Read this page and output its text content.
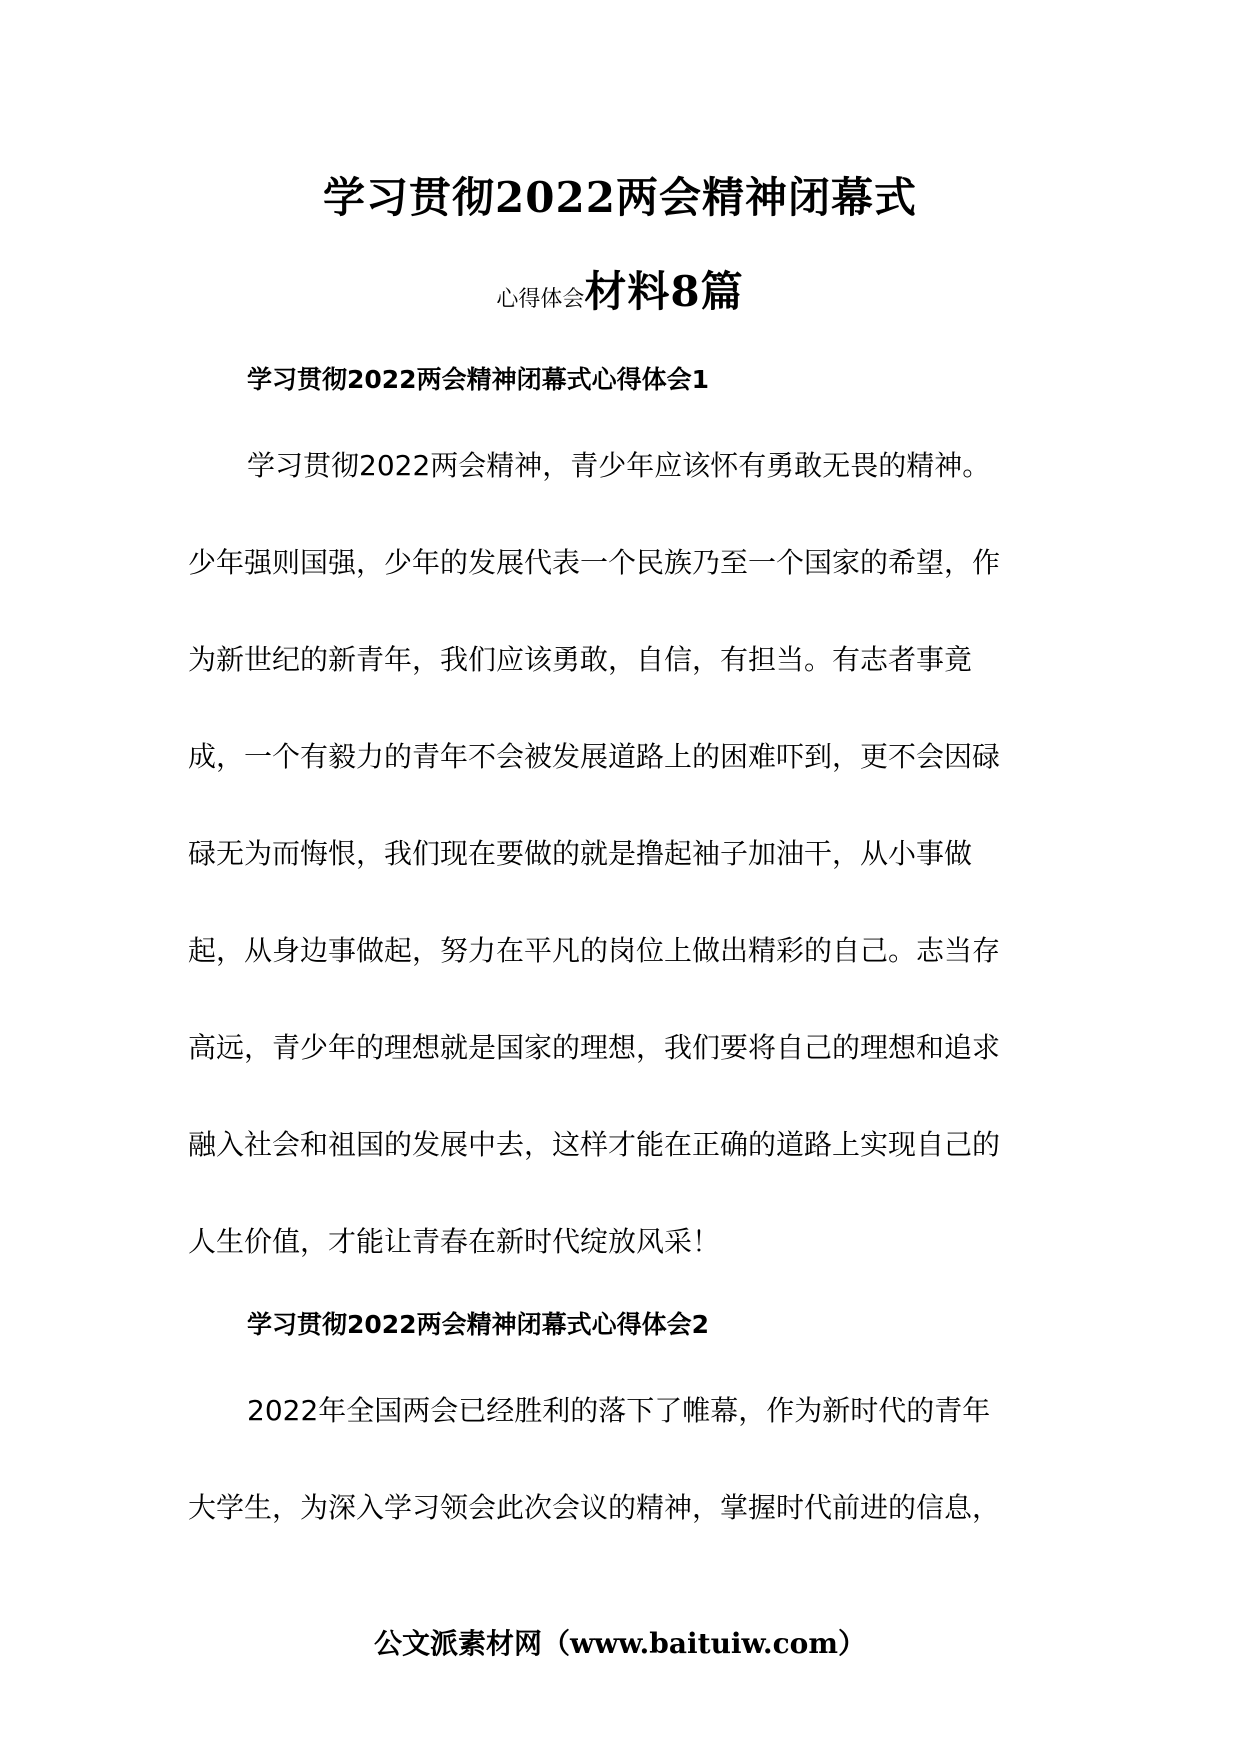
学习贯彻2022两会精神闭幕式
心得体会材料8篇
学习贯彻2022两会精神闭幕式心得体会1
学习贯彻2022两会精神，青少年应该怀有勇敢无畏的精神。
少年强则国强，少年的发展代表一个民族乃至一个国家的希望，作
为新世纪的新青年，我们应该勇敢，自信，有担当。有志者事竟
成，一个有毅力的青年不会被发展道路上的困难吓到，更不会因碌
碌无为而悔恨，我们现在要做的就是撸起袖子加油干，从小事做
起，从身边事做起，努力在平凡的岗位上做出精彩的自己。志当存
高远，青少年的理想就是国家的理想，我们要将自己的理想和追求
融入社会和祖国的发展中去，这样才能在正确的道路上实现自己的
人生价值，才能让青春在新时代绽放风采！
学习贯彻2022两会精神闭幕式心得体会2
2022年全国两会已经胜利的落下了帷幕，作为新时代的青年
大学生，为深入学习领会此次会议的精神，掌握时代前进的信息，
公文派素材网（www.baituiw.com）
